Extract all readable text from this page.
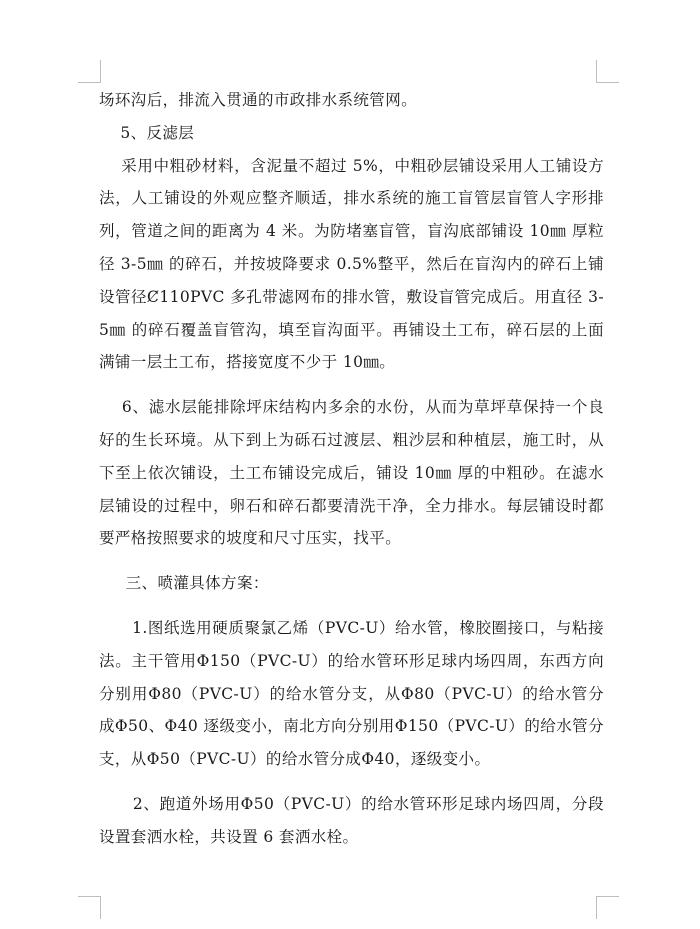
场环沟后，排流入贯通的市政排水系统管网。

5、反滤层

采用中粗砂材料，含泥量不超过 5%，中粗砂层铺设采用人工铺设方法，人工铺设的外观应整齐顺适，排水系统的施工盲管层盲管人字形排列，管道之间的距离为 4 米。为防堵塞盲管，盲沟底部铺设 10㎜ 厚粒径 3-5㎜ 的碎石，并按坡降要求 0.5%整平，然后在盲沟内的碎石上铺设管径Ȼ110PVC 多孔带滤网布的排水管，敷设盲管完成后。用直径 3-5㎜ 的碎石覆盖盲管沟，填至盲沟面平。再铺设土工布，碎石层的上面满铺一层土工布，搭接宽度不少于 10㎜。

6、滤水层能排除坪床结构内多余的水份，从而为草坪草保持一个良好的生长环境。从下到上为砾石过渡层、粗沙层和种植层，施工时，从下至上依次铺设，土工布铺设完成后，铺设 10㎜ 厚的中粗砂。在滤水层铺设的过程中，卵石和碎石都要清洗干净，全力排水。每层铺设时都要严格按照要求的坡度和尺寸压实，找平。

三、喷灌具体方案：

1.图纸选用硬质聚氯乙烯（PVC-U）给水管，橡胶圈接口，与粘接法。主干管用Φ150（PVC-U）的给水管环形足球内场四周，东西方向分别用Φ80（PVC-U）的给水管分支，从Φ80（PVC-U）的给水管分成Φ50、Φ40 逐级变小，南北方向分别用Φ150（PVC-U）的给水管分支，从Φ50（PVC-U）的给水管分成Φ40，逐级变小。

2、跑道外场用Φ50（PVC-U）的给水管环形足球内场四周，分段设置套洒水栓，共设置 6 套洒水栓。
